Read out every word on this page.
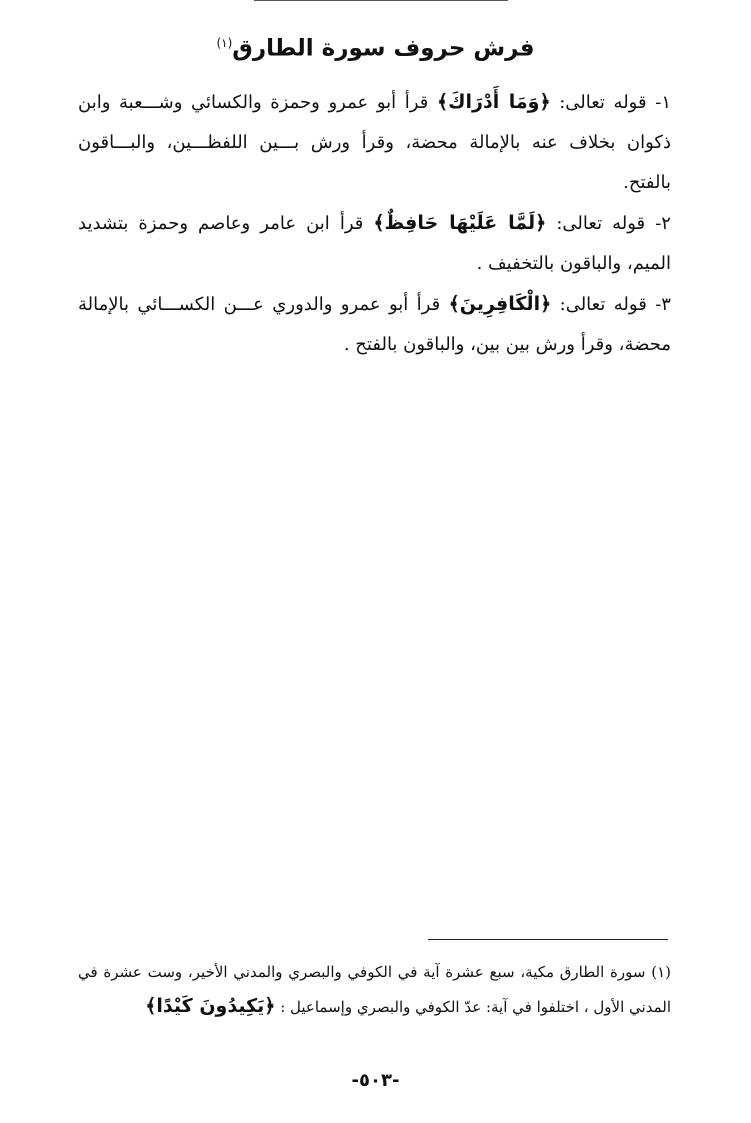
فرش حروف سورة الطارق$^{(١)}$

١- قوله تعالى: ﴿وَمَا أَدْرَاكَ﴾ قرأ أبو عمرو وحمزة والكسائي وشـــعبة وابن ذكوان بخلاف عنه بالإمالة محضة، وقرأ ورش بـــين اللفظـــين، والبـــاقون بالفتح.

٢- قوله تعالى: ﴿لَمَّا عَلَيْهَا حَافِظٌ﴾ قرأ ابن عامر وعاصم وحمزة بتشديد الميم، والباقون بالتخفيف .

٣- قوله تعالى: ﴿الْكَافِرِينَ﴾ قرأ أبو عمرو والدوري عـــن الكســـائي بالإمالة محضة، وقرأ ورش بين بين، والباقون بالفتح .

(١) سورة الطارق مكية، سبع عشرة آية في الكوفي والبصري والمدني الأخير، وست عشرة في المدني الأول ، اختلفوا في آية: عدّ الكوفي والبصري وإسماعيل : ﴿يَكِيدُونَ كَيْدًا﴾

-٥٠٣-
